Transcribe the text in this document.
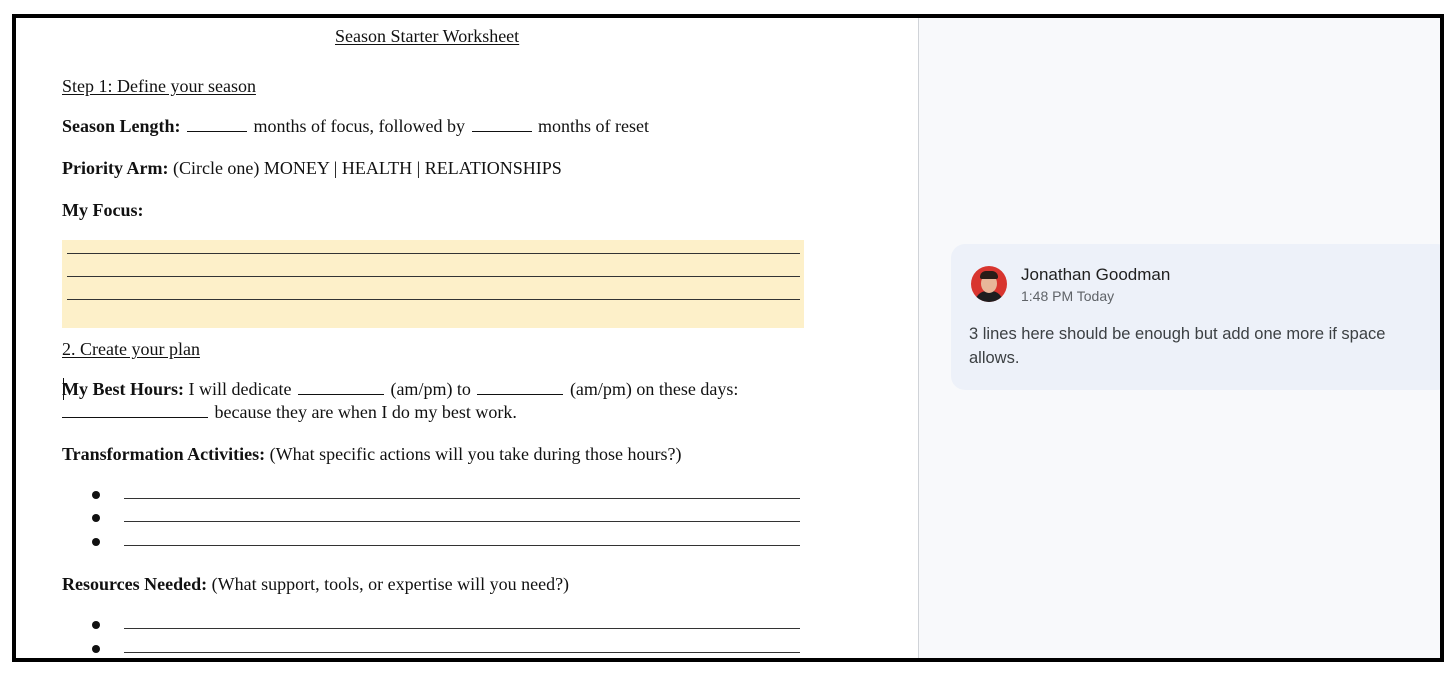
Season Starter Worksheet
Step 1: Define your season
Season Length:	months of focus, followed by	months of reset
Priority Arm: (Circle one) MONEY | HEALTH | RELATIONSHIPS
My Focus:
2. Create your plan
My Best Hours: I will dedicate	(am/pm) to	(am/pm) on these days:
because they are when I do my best work.
Transformation Activities: (What specific actions will you take during those hours?)
Resources Needed: (What support, tools, or expertise will you need?)
Jonathan Goodman
1:48 PM Today
3 lines here should be enough but add one more if space allows.
